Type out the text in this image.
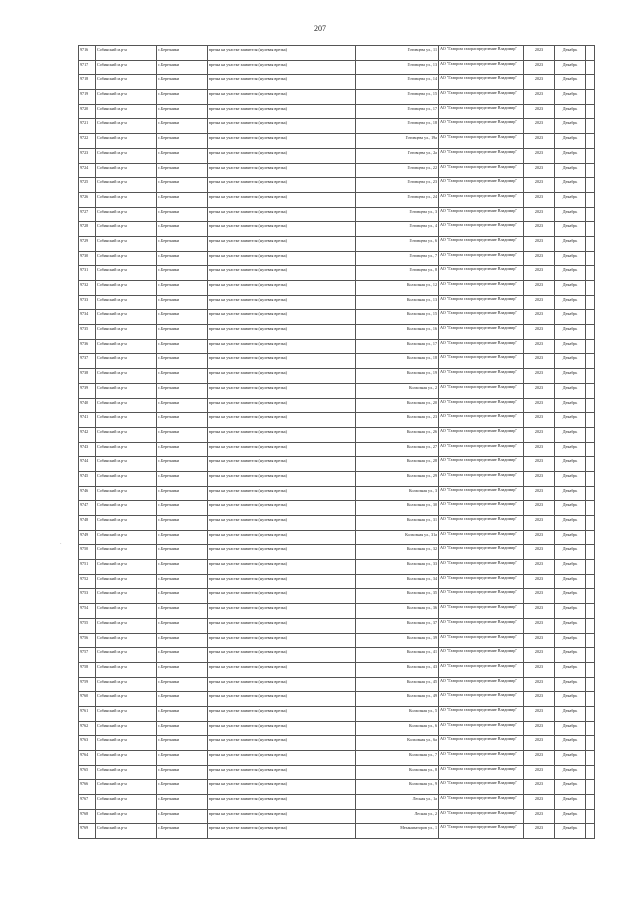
207
·
9716	Собинский м.р-н	с.Березники	врезка на участке заявителя (нулевая врезка)	Готовцева ул., 11	АО "Газпром газораспределение Владимир"	2023	Декабрь	

9717	Собинский м.р-н	с.Березники	врезка на участке заявителя (нулевая врезка)	Готовцева ул., 13	АО "Газпром газораспределение Владимир"	2023	Декабрь	

9718	Собинский м.р-н	с.Березники	врезка на участке заявителя (нулевая врезка)	Готовцева ул., 14	АО "Газпром газораспределение Владимир"	2023	Декабрь	

9719	Собинский м.р-н	с.Березники	врезка на участке заявителя (нулевая врезка)	Готовцева ул., 15	АО "Газпром газораспределение Владимир"	2023	Декабрь	

9720	Собинский м.р-н	с.Березники	врезка на участке заявителя (нулевая врезка)	Готовцева ул., 17	АО "Газпром газораспределение Владимир"	2023	Декабрь	

9721	Собинский м.р-н	с.Березники	врезка на участке заявителя (нулевая врезка)	Готовцева ул., 18	АО "Газпром газораспределение Владимир"	2023	Декабрь	

9722	Собинский м.р-н	с.Березники	врезка на участке заявителя (нулевая врезка)	Готовцева ул., 19а	АО "Газпром газораспределение Владимир"	2023	Декабрь	

9723	Собинский м.р-н	с.Березники	врезка на участке заявителя (нулевая врезка)	Готовцева ул., 2а	АО "Газпром газораспределение Владимир"	2023	Декабрь	

9724	Собинский м.р-н	с.Березники	врезка на участке заявителя (нулевая врезка)	Готовцева ул., 22	АО "Газпром газораспределение Владимир"	2023	Декабрь	

9725	Собинский м.р-н	с.Березники	врезка на участке заявителя (нулевая врезка)	Готовцева ул., 23	АО "Газпром газораспределение Владимир"	2023	Декабрь	

9726	Собинский м.р-н	с.Березники	врезка на участке заявителя (нулевая врезка)	Готовцева ул., 24	АО "Газпром газораспределение Владимир"	2023	Декабрь	

9727	Собинский м.р-н	с.Березники	врезка на участке заявителя (нулевая врезка)	Готовцева ул., 3	АО "Газпром газораспределение Владимир"	2023	Декабрь	

9728	Собинский м.р-н	с.Березники	врезка на участке заявителя (нулевая врезка)	Готовцева ул., 4	АО "Газпром газораспределение Владимир"	2023	Декабрь	

9729	Собинский м.р-н	с.Березники	врезка на участке заявителя (нулевая врезка)	Готовцева ул., 6	АО "Газпром газораспределение Владимир"	2023	Декабрь	

9730	Собинский м.р-н	с.Березники	врезка на участке заявителя (нулевая врезка)	Готовцева ул., 7	АО "Газпром газораспределение Владимир"	2023	Декабрь	

9731	Собинский м.р-н	с.Березники	врезка на участке заявителя (нулевая врезка)	Готовцева ул., 8	АО "Газпром газораспределение Владимир"	2023	Декабрь	

9732	Собинский м.р-н	с.Березники	врезка на участке заявителя (нулевая врезка)	Колхозная ул., 12	АО "Газпром газораспределение Владимир"	2023	Декабрь	

9733	Собинский м.р-н	с.Березники	врезка на участке заявителя (нулевая врезка)	Колхозная ул., 13	АО "Газпром газораспределение Владимир"	2023	Декабрь	

9734	Собинский м.р-н	с.Березники	врезка на участке заявителя (нулевая врезка)	Колхозная ул., 15	АО "Газпром газораспределение Владимир"	2023	Декабрь	

9735	Собинский м.р-н	с.Березники	врезка на участке заявителя (нулевая врезка)	Колхозная ул., 16	АО "Газпром газораспределение Владимир"	2023	Декабрь	

9736	Собинский м.р-н	с.Березники	врезка на участке заявителя (нулевая врезка)	Колхозная ул., 17	АО "Газпром газораспределение Владимир"	2023	Декабрь	

9737	Собинский м.р-н	с.Березники	врезка на участке заявителя (нулевая врезка)	Колхозная ул., 18	АО "Газпром газораспределение Владимир"	2023	Декабрь	

9738	Собинский м.р-н	с.Березники	врезка на участке заявителя (нулевая врезка)	Колхозная ул., 19	АО "Газпром газораспределение Владимир"	2023	Декабрь	

9739	Собинский м.р-н	с.Березники	врезка на участке заявителя (нулевая врезка)	Колхозная ул., 2	АО "Газпром газораспределение Владимир"	2023	Декабрь	

9740	Собинский м.р-н	с.Березники	врезка на участке заявителя (нулевая врезка)	Колхозная ул., 20	АО "Газпром газораспределение Владимир"	2023	Декабрь	

9741	Собинский м.р-н	с.Березники	врезка на участке заявителя (нулевая врезка)	Колхозная ул., 23	АО "Газпром газораспределение Владимир"	2023	Декабрь	

9742	Собинский м.р-н	с.Березники	врезка на участке заявителя (нулевая врезка)	Колхозная ул., 26	АО "Газпром газораспределение Владимир"	2023	Декабрь	

9743	Собинский м.р-н	с.Березники	врезка на участке заявителя (нулевая врезка)	Колхозная ул., 27	АО "Газпром газораспределение Владимир"	2023	Декабрь	

9744	Собинский м.р-н	с.Березники	врезка на участке заявителя (нулевая врезка)	Колхозная ул., 28	АО "Газпром газораспределение Владимир"	2023	Декабрь	

9745	Собинский м.р-н	с.Березники	врезка на участке заявителя (нулевая врезка)	Колхозная ул., 29	АО "Газпром газораспределение Владимир"	2023	Декабрь	

9746	Собинский м.р-н	с.Березники	врезка на участке заявителя (нулевая врезка)	Колхозная ул., 3	АО "Газпром газораспределение Владимир"	2023	Декабрь	

9747	Собинский м.р-н	с.Березники	врезка на участке заявителя (нулевая врезка)	Колхозная ул., 30	АО "Газпром газораспределение Владимир"	2023	Декабрь	

9748	Собинский м.р-н	с.Березники	врезка на участке заявителя (нулевая врезка)	Колхозная ул., 31	АО "Газпром газораспределение Владимир"	2023	Декабрь	

9749	Собинский м.р-н	с.Березники	врезка на участке заявителя (нулевая врезка)	Колхозная ул., 31а	АО "Газпром газораспределение Владимир"	2023	Декабрь	

9750	Собинский м.р-н	с.Березники	врезка на участке заявителя (нулевая врезка)	Колхозная ул., 32	АО "Газпром газораспределение Владимир"	2023	Декабрь	

9751	Собинский м.р-н	с.Березники	врезка на участке заявителя (нулевая врезка)	Колхозная ул., 33	АО "Газпром газораспределение Владимир"	2023	Декабрь	

9752	Собинский м.р-н	с.Березники	врезка на участке заявителя (нулевая врезка)	Колхозная ул., 34	АО "Газпром газораспределение Владимир"	2023	Декабрь	

9753	Собинский м.р-н	с.Березники	врезка на участке заявителя (нулевая врезка)	Колхозная ул., 35	АО "Газпром газораспределение Владимир"	2023	Декабрь	

9754	Собинский м.р-н	с.Березники	врезка на участке заявителя (нулевая врезка)	Колхозная ул., 36	АО "Газпром газораспределение Владимир"	2023	Декабрь	

9755	Собинский м.р-н	с.Березники	врезка на участке заявителя (нулевая врезка)	Колхозная ул., 37	АО "Газпром газораспределение Владимир"	2023	Декабрь	

9756	Собинский м.р-н	с.Березники	врезка на участке заявителя (нулевая врезка)	Колхозная ул., 39	АО "Газпром газораспределение Владимир"	2023	Декабрь	

9757	Собинский м.р-н	с.Березники	врезка на участке заявителя (нулевая врезка)	Колхозная ул., 41	АО "Газпром газораспределение Владимир"	2023	Декабрь	

9758	Собинский м.р-н	с.Березники	врезка на участке заявителя (нулевая врезка)	Колхозная ул., 43	АО "Газпром газораспределение Владимир"	2023	Декабрь	

9759	Собинский м.р-н	с.Березники	врезка на участке заявителя (нулевая врезка)	Колхозная ул., 45	АО "Газпром газораспределение Владимир"	2023	Декабрь	

9760	Собинский м.р-н	с.Березники	врезка на участке заявителя (нулевая врезка)	Колхозная ул., 49	АО "Газпром газораспределение Владимир"	2023	Декабрь	

9761	Собинский м.р-н	с.Березники	врезка на участке заявителя (нулевая врезка)	Колхозная ул., 5	АО "Газпром газораспределение Владимир"	2023	Декабрь	

9762	Собинский м.р-н	с.Березники	врезка на участке заявителя (нулевая врезка)	Колхозная ул., 6	АО "Газпром газораспределение Владимир"	2023	Декабрь	

9763	Собинский м.р-н	с.Березники	врезка на участке заявителя (нулевая врезка)	Колхозная ул., 6а	АО "Газпром газораспределение Владимир"	2023	Декабрь	

9764	Собинский м.р-н	с.Березники	врезка на участке заявителя (нулевая врезка)	Колхозная ул., 7	АО "Газпром газораспределение Владимир"	2023	Декабрь	

9765	Собинский м.р-н	с.Березники	врезка на участке заявителя (нулевая врезка)	Колхозная ул., 8	АО "Газпром газораспределение Владимир"	2023	Декабрь	

9766	Собинский м.р-н	с.Березники	врезка на участке заявителя (нулевая врезка)	Колхозная ул., 9	АО "Газпром газораспределение Владимир"	2023	Декабрь	

9767	Собинский м.р-н	с.Березники	врезка на участке заявителя (нулевая врезка)	Лесная ул., 1а	АО "Газпром газораспределение Владимир"	2023	Декабрь	

9768	Собинский м.р-н	с.Березники	врезка на участке заявителя (нулевая врезка)	Лесная ул., 2	АО "Газпром газораспределение Владимир"	2023	Декабрь	

9769	Собинский м.р-н	с.Березники	врезка на участке заявителя (нулевая врезка)	Механизаторов ул., 1	АО "Газпром газораспределение Владимир"	2023	Декабрь	
